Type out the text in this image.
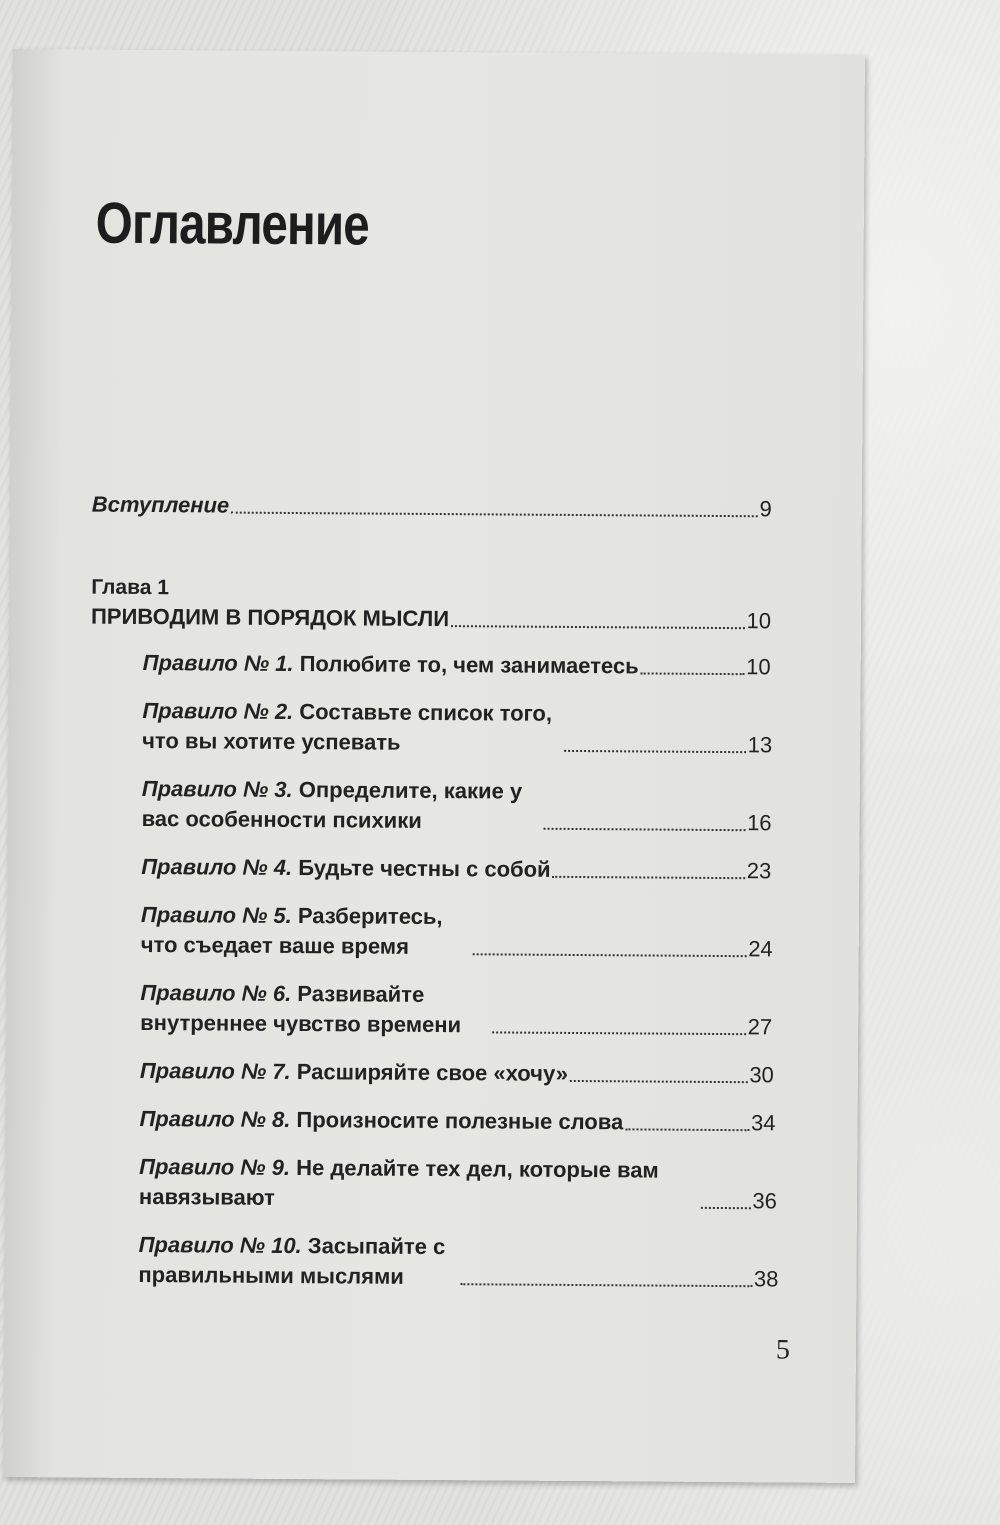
Оглавление
Вступление	9
Глава 1
ПРИВОДИМ В ПОРЯДОК МЫСЛИ	10
Правило № 1. Полюбите то, чем занимаетесь	10
Правило № 2. Составьте список того, что вы хотите успевать	13
Правило № 3. Определите, какие у вас особенности психики	16
Правило № 4. Будьте честны с собой	23
Правило № 5. Разберитесь, что съедает ваше время	24
Правило № 6. Развивайте внутреннее чувство времени	27
Правило № 7. Расширяйте свое «хочу»	30
Правило № 8. Произносите полезные слова	34
Правило № 9. Не делайте тех дел, которые вам навязывают	36
Правило № 10. Засыпайте с правильными мыслями	38
5
